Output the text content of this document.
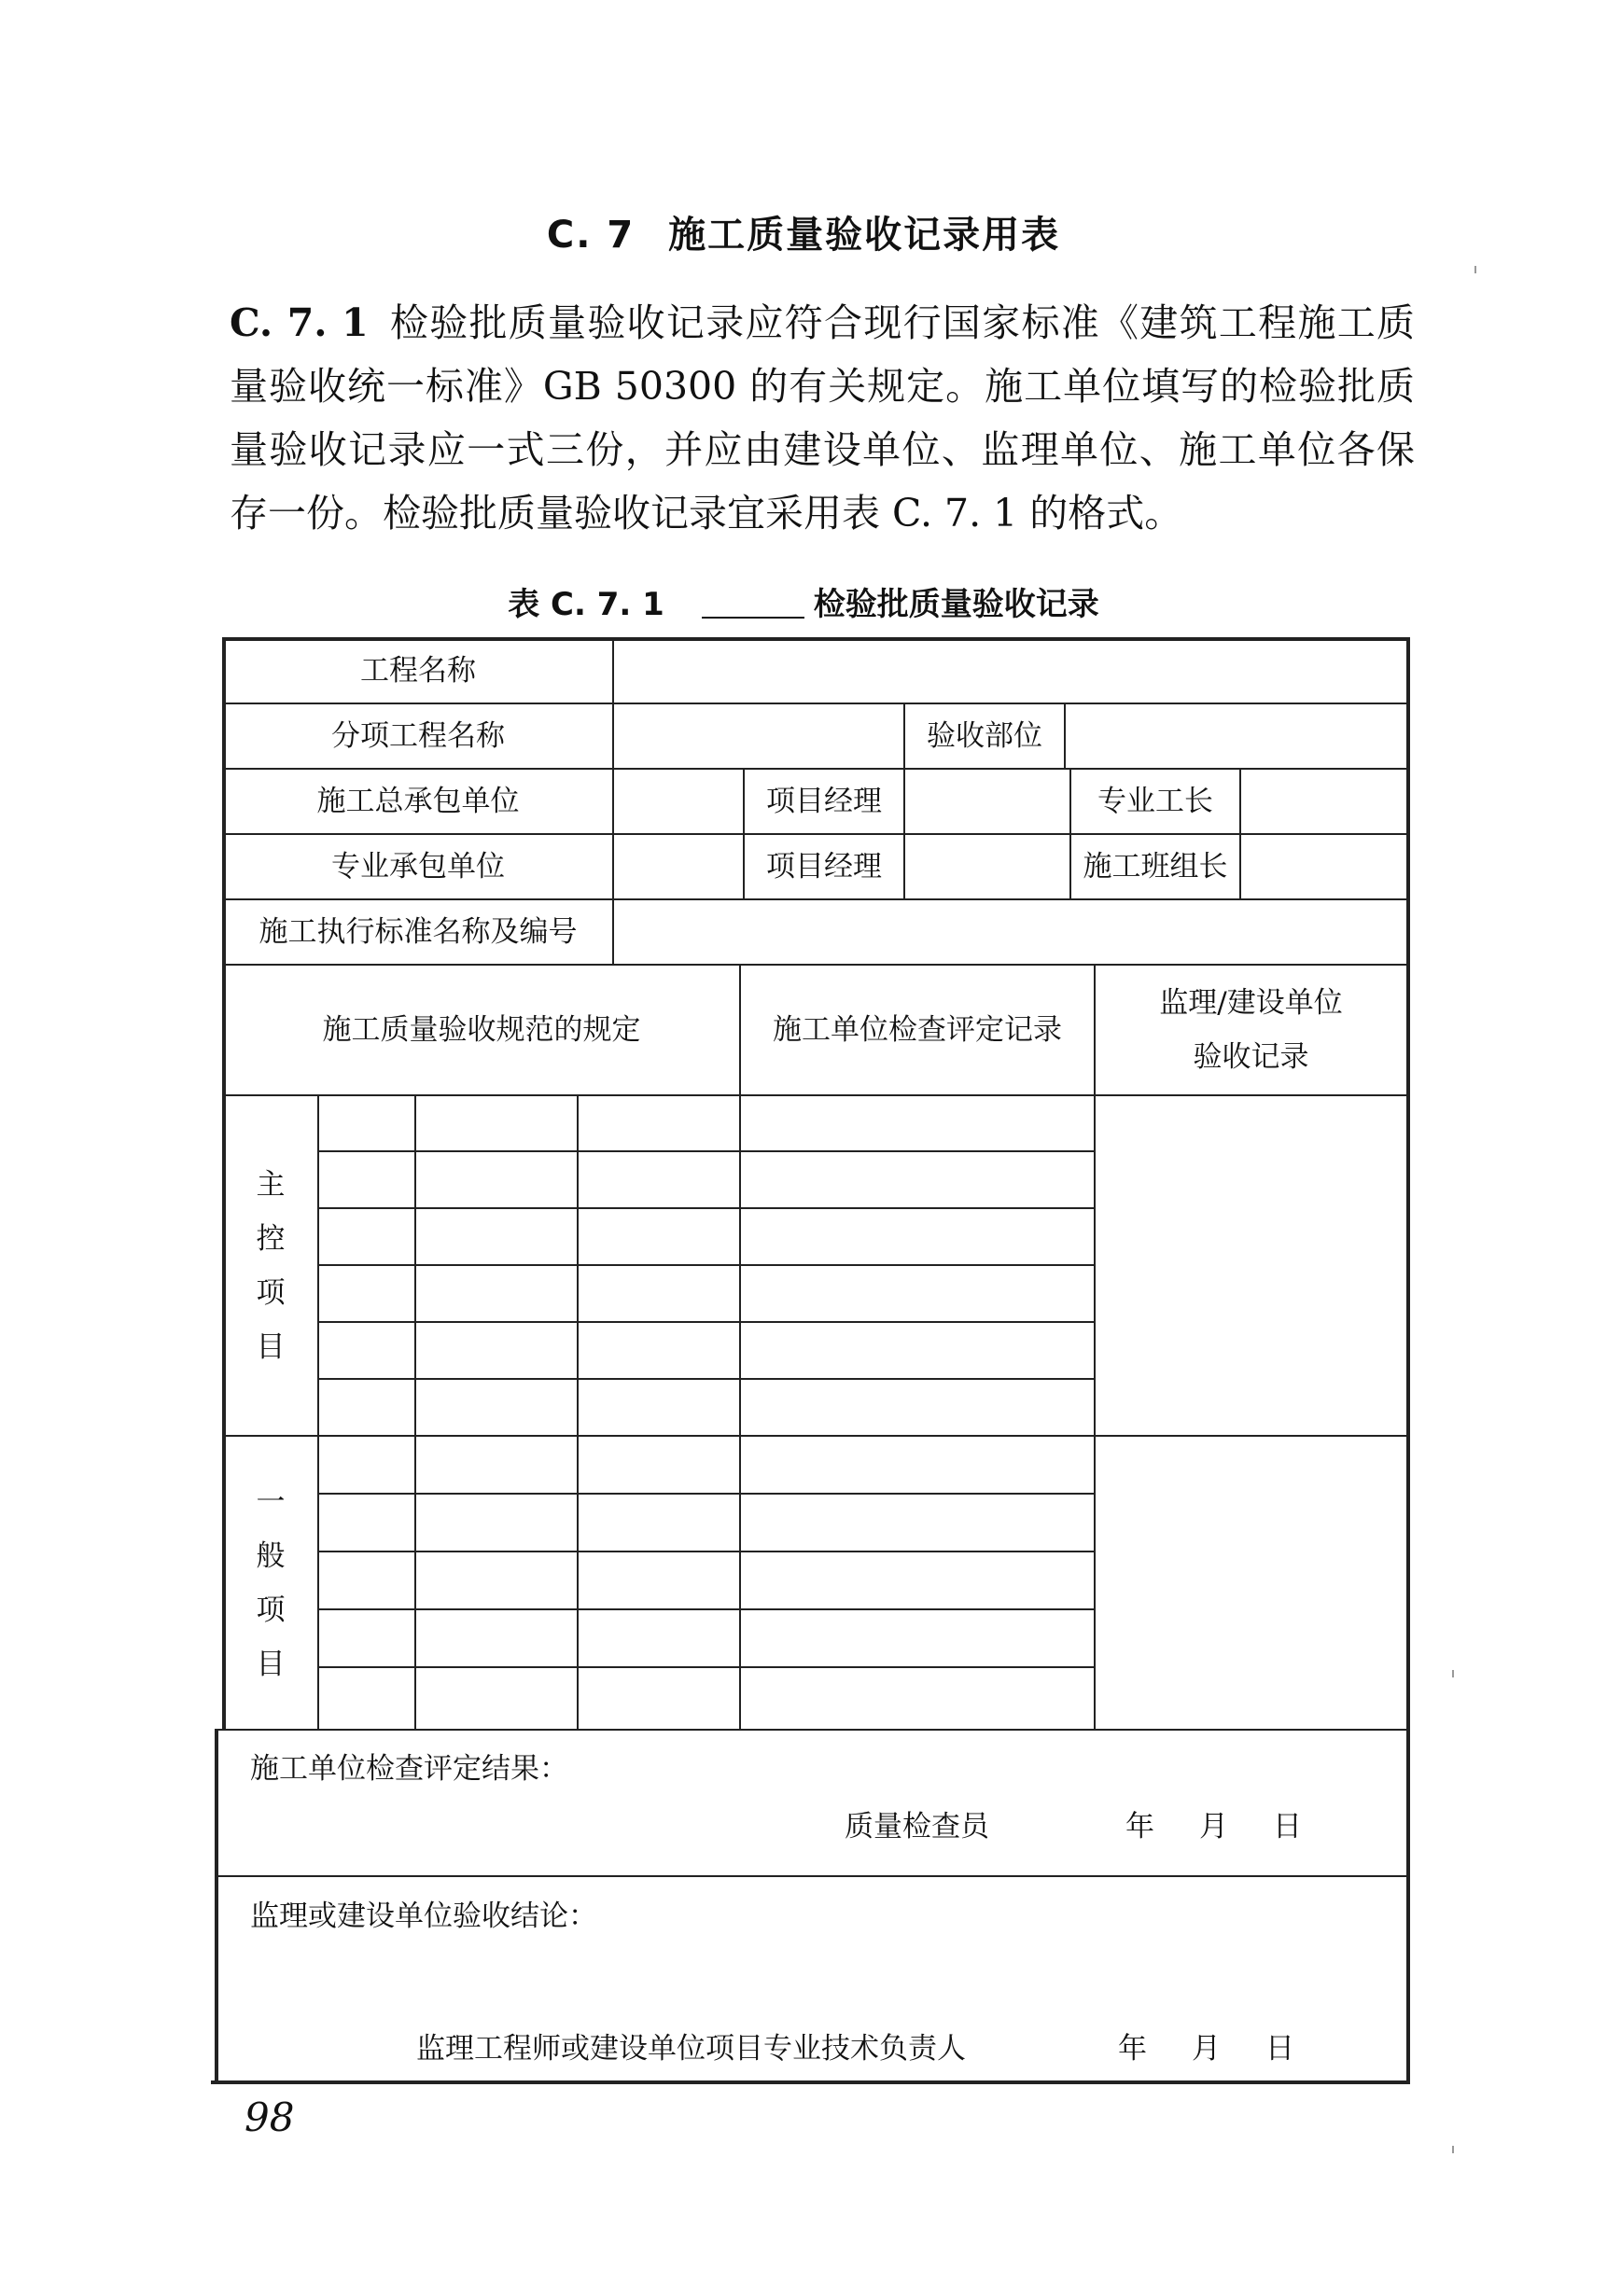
C. 7 施工质量验收记录用表
C. 7. 1 检验批质量验收记录应符合现行国家标准《建筑工程施工质量验收统一标准》GB 50300 的有关规定。施工单位填写的检验批质量验收记录应一式三份，并应由建设单位、监理单位、施工单位各保存一份。检验批质量验收记录宜采用表 C. 7. 1 的格式。
表 C. 7. 1	检验批质量验收记录
工程名称
分项工程名称	验收部位
施工总承包单位	项目经理	专业工长
专业承包单位	项目经理	施工班组长
施工执行标准名称及编号
施工质量验收规范的规定	施工单位检查评定记录
监理/建设单位
验收记录
主
控
项
目
一
般
项
目
施工单位检查评定结果：
质量检查员	年 月 日
监理或建设单位验收结论：
监理工程师或建设单位项目专业技术负责人	年 月 日
98
